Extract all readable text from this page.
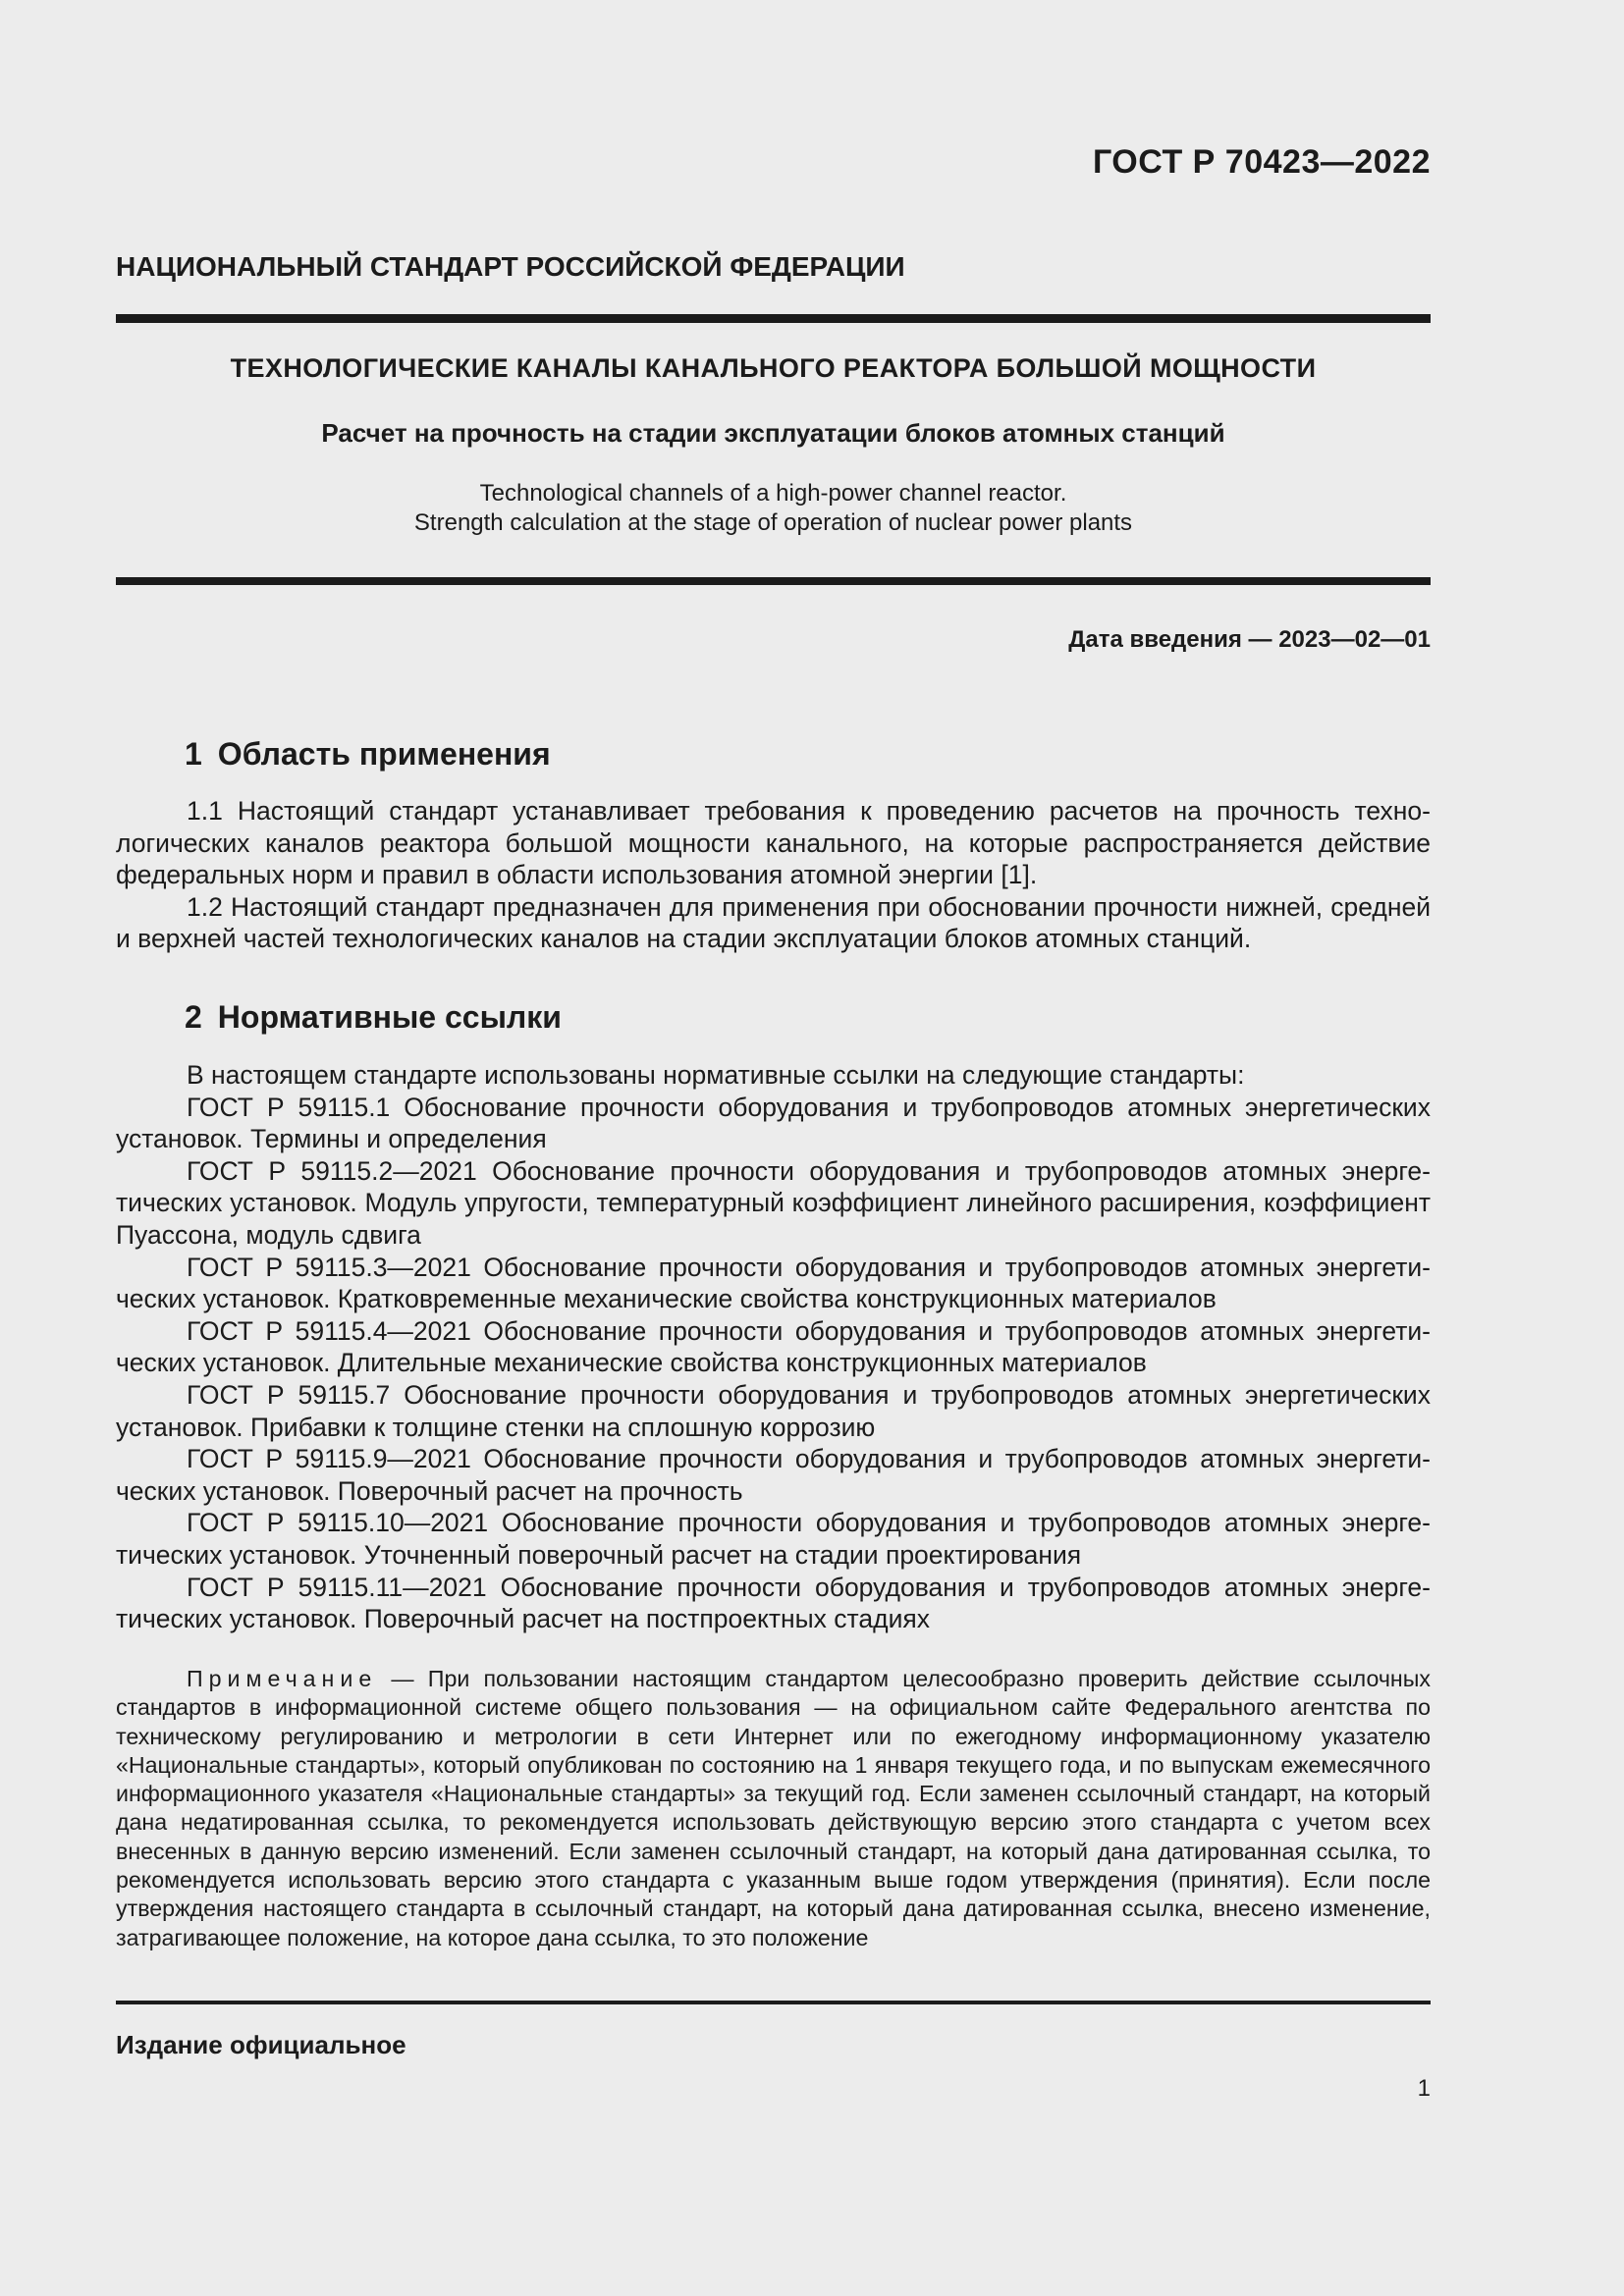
ГОСТ Р 70423—2022
НАЦИОНАЛЬНЫЙ СТАНДАРТ РОССИЙСКОЙ ФЕДЕРАЦИИ
ТЕХНОЛОГИЧЕСКИЕ КАНАЛЫ КАНАЛЬНОГО РЕАКТОРА БОЛЬШОЙ МОЩНОСТИ
Расчет на прочность на стадии эксплуатации блоков атомных станций
Technological channels of a high-power channel reactor.
Strength calculation at the stage of operation of nuclear power plants
Дата введения — 2023—02—01
1 Область применения

1.1 Настоящий стандарт устанавливает требования к проведению расчетов на прочность технологических каналов реактора большой мощности канального, на которые распространяется действие федеральных норм и правил в области использования атомной энергии [1].

1.2 Настоящий стандарт предназначен для применения при обосновании прочности нижней, средней и верхней частей технологических каналов на стадии эксплуатации блоков атомных станций.

2 Нормативные ссылки

В настоящем стандарте использованы нормативные ссылки на следующие стандарты:

ГОСТ Р 59115.1 Обоснование прочности оборудования и трубопроводов атомных энергетических установок. Термины и определения

ГОСТ Р 59115.2—2021 Обоснование прочности оборудования и трубопроводов атомных энергетических установок. Модуль упругости, температурный коэффициент линейного расширения, коэффициент Пуассона, модуль сдвига

ГОСТ Р 59115.3—2021 Обоснование прочности оборудования и трубопроводов атомных энергетических установок. Кратковременные механические свойства конструкционных материалов

ГОСТ Р 59115.4—2021 Обоснование прочности оборудования и трубопроводов атомных энергетических установок. Длительные механические свойства конструкционных материалов

ГОСТ Р 59115.7 Обоснование прочности оборудования и трубопроводов атомных энергетических установок. Прибавки к толщине стенки на сплошную коррозию

ГОСТ Р 59115.9—2021 Обоснование прочности оборудования и трубопроводов атомных энергетических установок. Поверочный расчет на прочность

ГОСТ Р 59115.10—2021 Обоснование прочности оборудования и трубопроводов атомных энергетических установок. Уточненный поверочный расчет на стадии проектирования

ГОСТ Р 59115.11—2021 Обоснование прочности оборудования и трубопроводов атомных энергетических установок. Поверочный расчет на постпроектных стадиях

Примечание — При пользовании настоящим стандартом целесообразно проверить действие ссылочных стандартов в информационной системе общего пользования — на официальном сайте Федерального агентства по техническому регулированию и метрологии в сети Интернет или по ежегодному информационному указателю «Национальные стандарты», который опубликован по состоянию на 1 января текущего года, и по выпускам ежемесячного информационного указателя «Национальные стандарты» за текущий год. Если заменен ссылочный стандарт, на который дана недатированная ссылка, то рекомендуется использовать действующую версию этого стандарта с учетом всех внесенных в данную версию изменений. Если заменен ссылочный стандарт, на который дана датированная ссылка, то рекомендуется использовать версию этого стандарта с указанным выше годом утверждения (принятия). Если после утверждения настоящего стандарта в ссылочный стандарт, на который дана датированная ссылка, внесено изменение, затрагивающее положение, на которое дана ссылка, то это положение

Издание официальное
1
